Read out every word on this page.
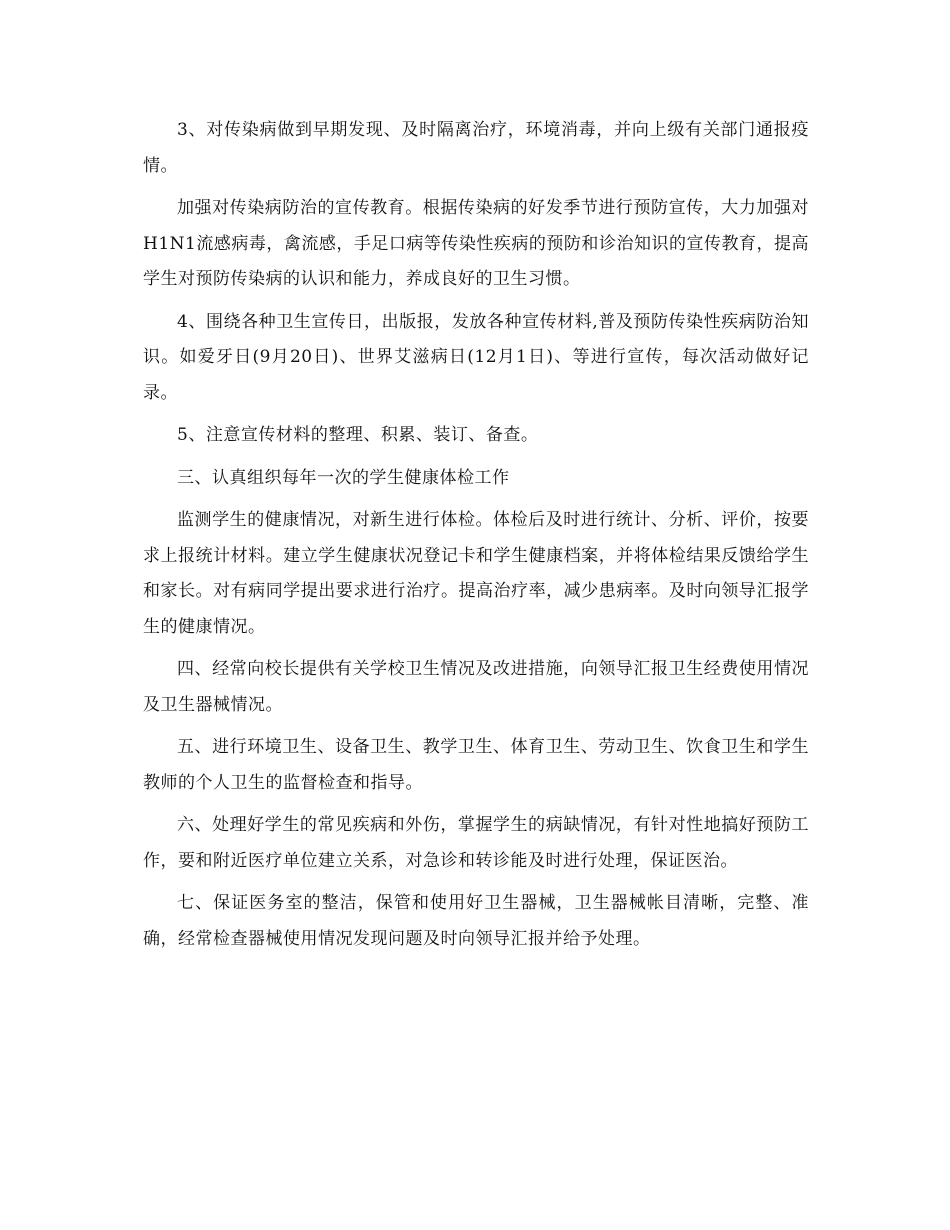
3、对传染病做到早期发现、及时隔离治疗，环境消毒，并向上级有关部门通报疫情。

加强对传染病防治的宣传教育。根据传染病的好发季节进行预防宣传，大力加强对H1N1流感病毒，禽流感，手足口病等传染性疾病的预防和诊治知识的宣传教育，提高学生对预防传染病的认识和能力，养成良好的卫生习惯。

4、围绕各种卫生宣传日，出版报，发放各种宣传材料,普及预防传染性疾病防治知识。如爱牙日(9月20日)、世界艾滋病日(12月1日)、等进行宣传，每次活动做好记录。

5、注意宣传材料的整理、积累、装订、备查。

三、认真组织每年一次的学生健康体检工作

监测学生的健康情况，对新生进行体检。体检后及时进行统计、分析、评价，按要求上报统计材料。建立学生健康状况登记卡和学生健康档案，并将体检结果反馈给学生和家长。对有病同学提出要求进行治疗。提高治疗率，减少患病率。及时向领导汇报学生的健康情况。

四、经常向校长提供有关学校卫生情况及改进措施，向领导汇报卫生经费使用情况及卫生器械情况。

五、进行环境卫生、设备卫生、教学卫生、体育卫生、劳动卫生、饮食卫生和学生教师的个人卫生的监督检查和指导。

六、处理好学生的常见疾病和外伤，掌握学生的病缺情况，有针对性地搞好预防工作，要和附近医疗单位建立关系，对急诊和转诊能及时进行处理，保证医治。

七、保证医务室的整洁，保管和使用好卫生器械，卫生器械帐目清晰，完整、准确，经常检查器械使用情况发现问题及时向领导汇报并给予处理。
